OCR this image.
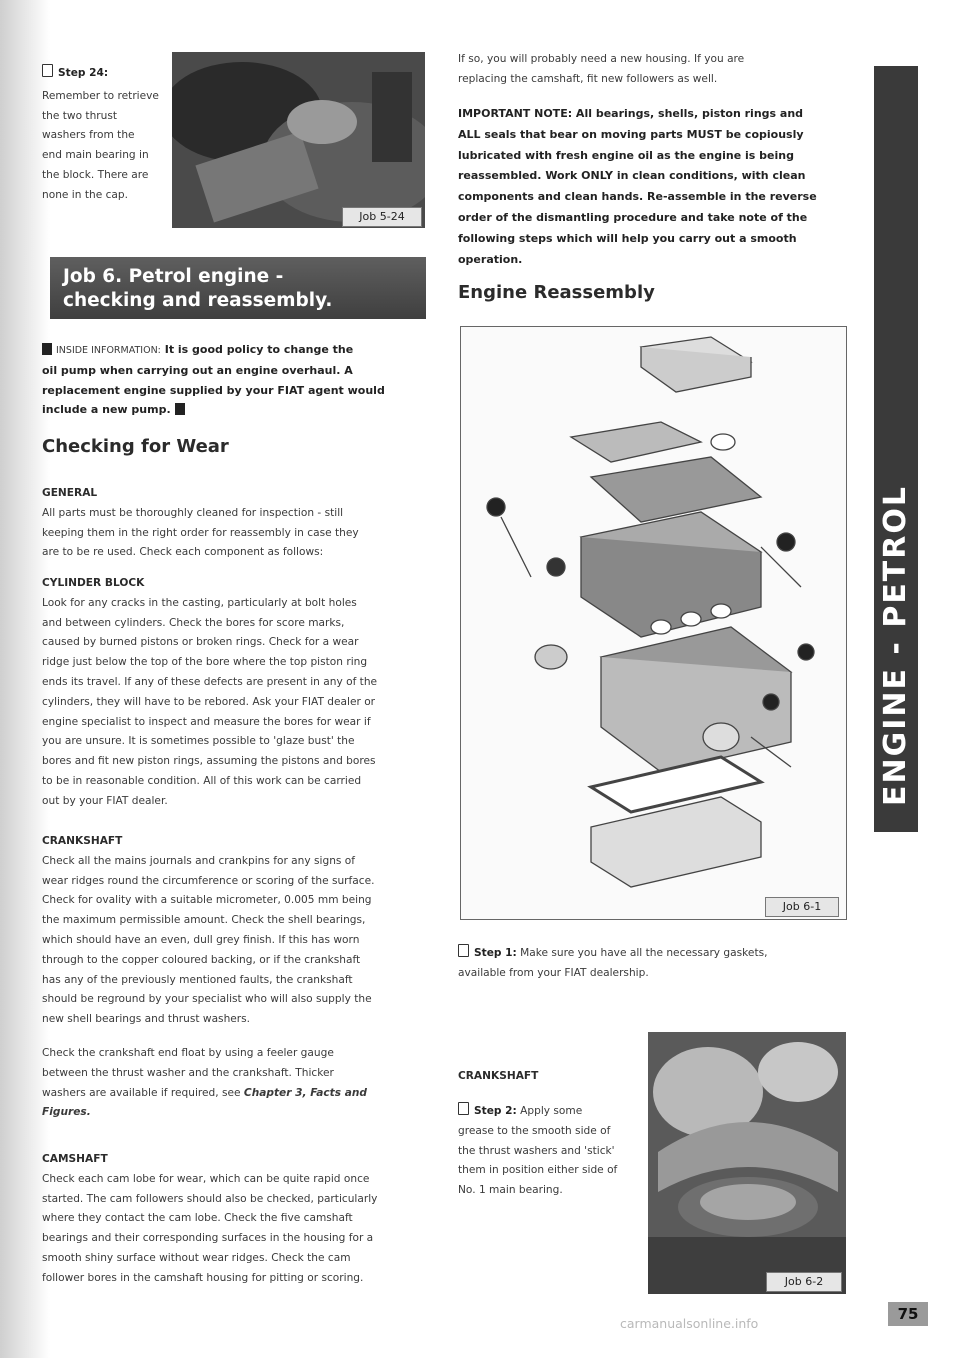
Step 24:
Remember to retrieve
the two thrust
washers from the
end main bearing in
the block. There are
none in the cap.
Job 5-24
Job 6. Petrol engine -
checking and reassembly.
INSIDE INFORMATION: It is good policy to change the
oil pump when carrying out an engine overhaul. A
replacement engine supplied by your FIAT agent would
include a new pump.
Checking for Wear
GENERAL
All parts must be thoroughly cleaned for inspection - still
keeping them in the right order for reassembly in case they
are to be re used. Check each component as follows:
CYLINDER BLOCK
Look for any cracks in the casting, particularly at bolt holes
and between cylinders. Check the bores for score marks,
caused by burned pistons or broken rings. Check for a wear
ridge just below the top of the bore where the top piston ring
ends its travel. If any of these defects are present in any of the
cylinders, they will have to be rebored. Ask your FIAT dealer or
engine specialist to inspect and measure the bores for wear if
you are unsure. It is sometimes possible to 'glaze bust' the
bores and fit new piston rings, assuming the pistons and bores
to be in reasonable condition. All of this work can be carried
out by your FIAT dealer.
CRANKSHAFT
Check all the mains journals and crankpins for any signs of
wear ridges round the circumference or scoring of the surface.
Check for ovality with a suitable micrometer, 0.005 mm being
the maximum permissible amount. Check the shell bearings,
which should have an even, dull grey finish. If this has worn
through to the copper coloured backing, or if the crankshaft
has any of the previously mentioned faults, the crankshaft
should be reground by your specialist who will also supply the
new shell bearings and thrust washers.
Check the crankshaft end float by using a feeler gauge
between the thrust washer and the crankshaft. Thicker
washers are available if required, see Chapter 3, Facts and
Figures.
CAMSHAFT
Check each cam lobe for wear, which can be quite rapid once
started. The cam followers should also be checked, particularly
where they contact the cam lobe. Check the five camshaft
bearings and their corresponding surfaces in the housing for a
smooth shiny surface without wear ridges. Check the cam
follower bores in the camshaft housing for pitting or scoring.
If so, you will probably need a new housing. If you are
replacing the camshaft, fit new followers as well.
IMPORTANT NOTE: All bearings, shells, piston rings and
ALL seals that bear on moving parts MUST be copiously
lubricated with fresh engine oil as the engine is being
reassembled. Work ONLY in clean conditions, with clean
components and clean hands. Re-assemble in the reverse
order of the dismantling procedure and take note of the
following steps which will help you carry out a smooth
operation.
Engine Reassembly
Job 6-1
Step 1: Make sure you have all the necessary gaskets,
available from your FIAT dealership.
CRANKSHAFT
Step 2: Apply some
grease to the smooth side of
the thrust washers and 'stick'
them in position either side of
No. 1 main bearing.
Job 6-2
ENGINE - PETROL
75
carmanualsonline.info
